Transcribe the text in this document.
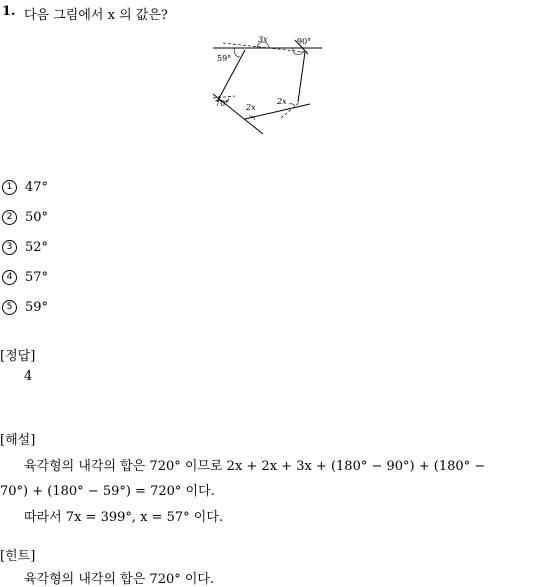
1. 다음 그림에서 x 의 값은?
3x	90°
59°
70° 2x
2x
1 47°
2 50°
3 52°
4 57°
5 59°
[정답]
4
[해설]
육각형의 내각의 합은 720° 이므로 2x + 2x + 3x + (180° − 90°) + (180° −
70°) + (180° − 59°) = 720° 이다.
따라서 7x = 399°, x = 57° 이다.
[힌트]
육각형의 내각의 합은 720° 이다.
